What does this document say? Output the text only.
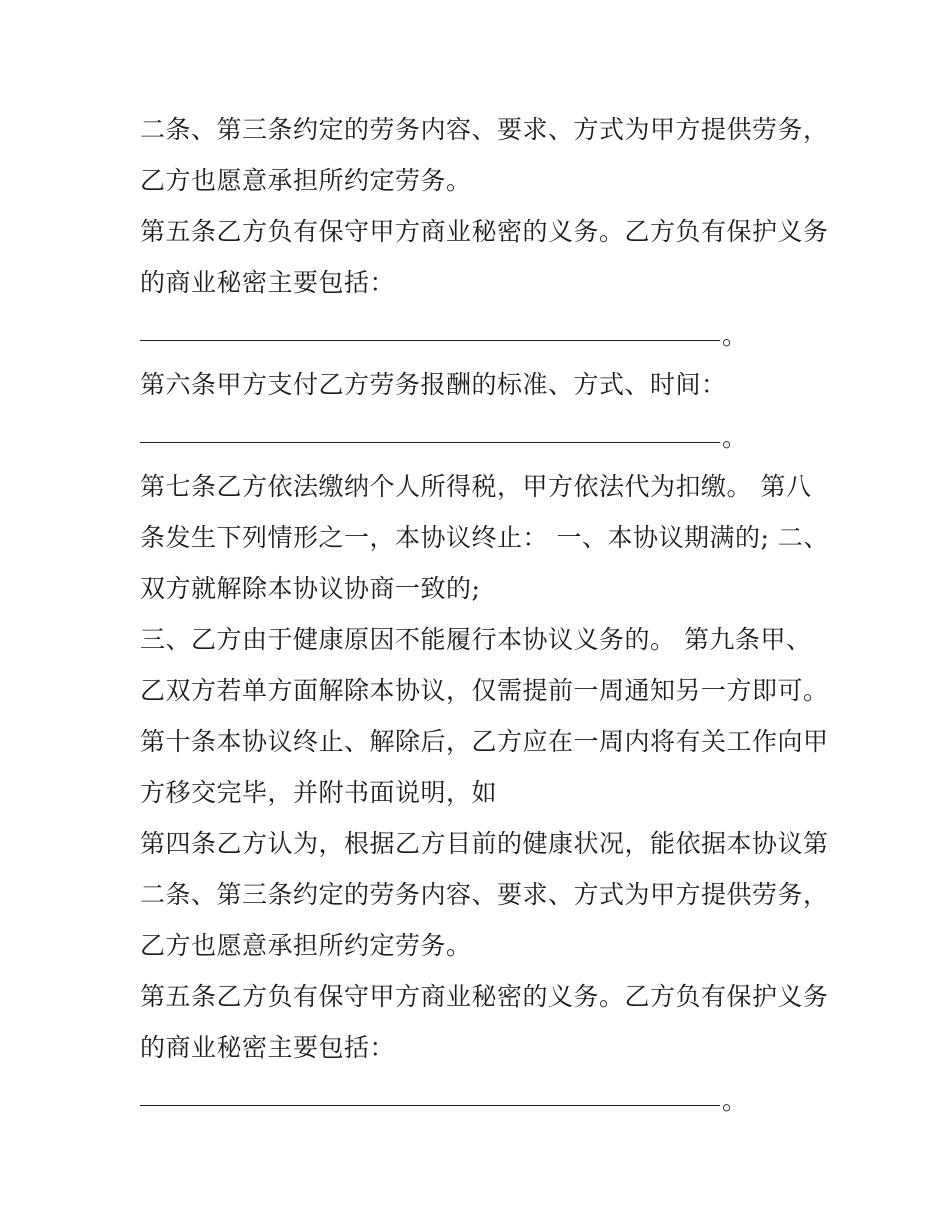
二条、第三条约定的劳务内容、要求、方式为甲方提供劳务，
乙方也愿意承担所约定劳务。
第五条乙方负有保守甲方商业秘密的义务。乙方负有保护义务
的商业秘密主要包括：
。
第六条甲方支付乙方劳务报酬的标准、方式、时间：
。
第七条乙方依法缴纳个人所得税，甲方依法代为扣缴。 第八
条发生下列情形之一，本协议终止： 一、本协议期满的; 二、
双方就解除本协议协商一致的;
三、乙方由于健康原因不能履行本协议义务的。 第九条甲、
乙双方若单方面解除本协议，仅需提前一周通知另一方即可。
第十条本协议终止、解除后，乙方应在一周内将有关工作向甲
方移交完毕，并附书面说明，如
第四条乙方认为，根据乙方目前的健康状况，能依据本协议第
二条、第三条约定的劳务内容、要求、方式为甲方提供劳务，
乙方也愿意承担所约定劳务。
第五条乙方负有保守甲方商业秘密的义务。乙方负有保护义务
的商业秘密主要包括：
。
